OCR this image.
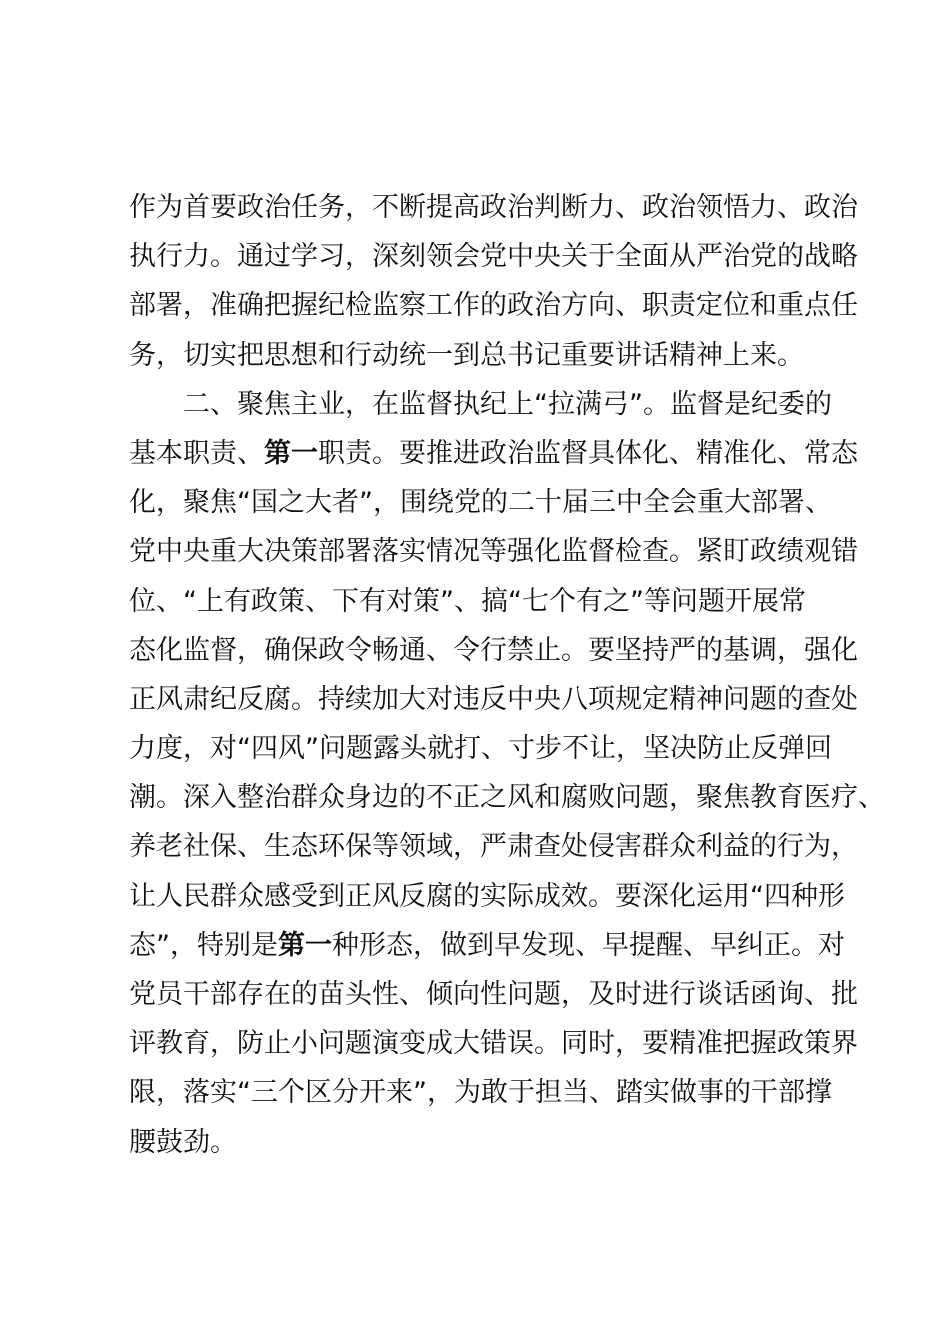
作为首要政治任务，不断提高政治判断力、政治领悟力、政治
执行力。通过学习，深刻领会党中央关于全面从严治党的战略
部署，准确把握纪检监察工作的政治方向、职责定位和重点任
务，切实把思想和行动统一到总书记重要讲话精神上来。
二、聚焦主业，在监督执纪上“拉满弓”。监督是纪委的
基本职责、第一职责。要推进政治监督具体化、精准化、常态
化，聚焦“国之大者”，围绕党的二十届三中全会重大部署、
党中央重大决策部署落实情况等强化监督检查。紧盯政绩观错
位、“上有政策、下有对策”、搞“七个有之”等问题开展常
态化监督，确保政令畅通、令行禁止。要坚持严的基调，强化
正风肃纪反腐。持续加大对违反中央八项规定精神问题的查处
力度，对“四风”问题露头就打、寸步不让，坚决防止反弹回
潮。深入整治群众身边的不正之风和腐败问题，聚焦教育医疗、
养老社保、生态环保等领域，严肃查处侵害群众利益的行为，
让人民群众感受到正风反腐的实际成效。要深化运用“四种形
态”，特别是第一种形态，做到早发现、早提醒、早纠正。对
党员干部存在的苗头性、倾向性问题，及时进行谈话函询、批
评教育，防止小问题演变成大错误。同时，要精准把握政策界
限，落实“三个区分开来”，为敢于担当、踏实做事的干部撑
腰鼓劲。
